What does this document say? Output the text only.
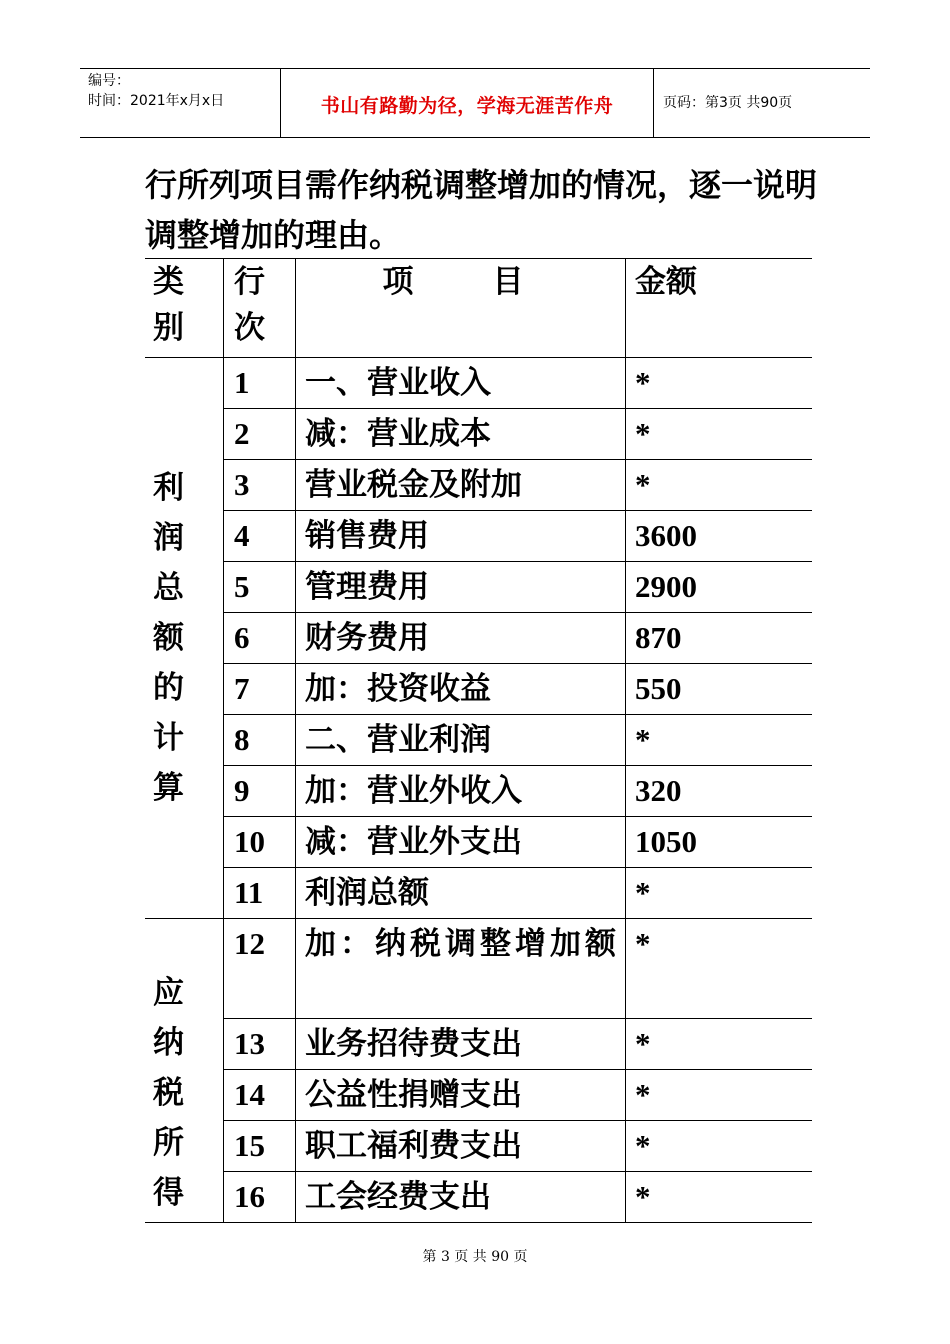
编号：
时间：2021年x月x日	书山有路勤为径，学海无涯苦作舟	页码：第3页 共90页
行所列项目需作纳税调整增加的情况，逐一说明调整增加的理由。
类别	行次	项　目	金额

利润总额的计算	1	一、营业收入	*
	2	减：营业成本	*
	3	营业税金及附加	*
	4	销售费用	3600
	5	管理费用	2900
	6	财务费用	870
	7	加：投资收益	550
	8	二、营业利润	*
	9	加：营业外收入	320
	10	减：营业外支出	1050
	11	利润总额	*

应纳税所得	12	加：纳税调整增加额	*
	13	业务招待费支出	*
	14	公益性捐赠支出	*
	15	职工福利费支出	*
	16	工会经费支出	*
第 3 页 共 90 页
